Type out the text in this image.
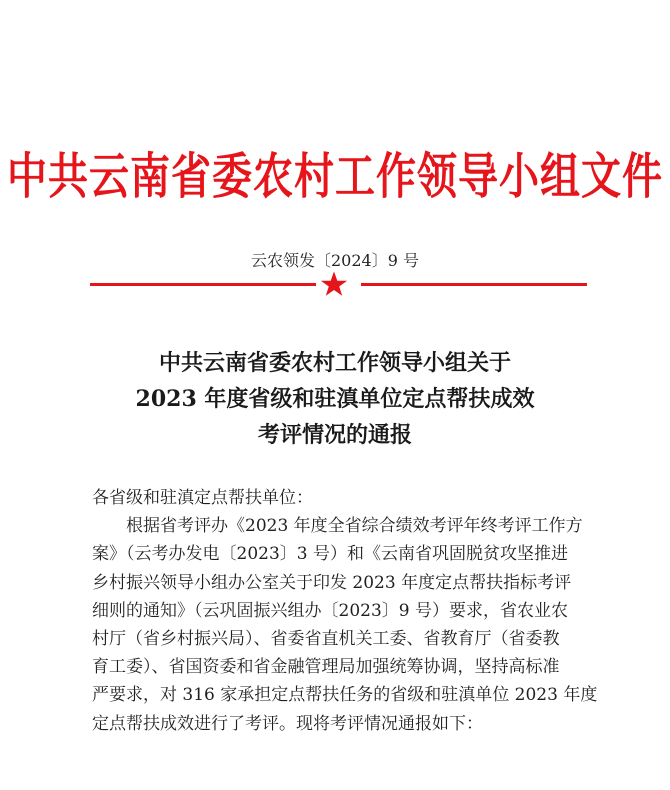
中共云南省委农村工作领导小组文件
云农领发〔2024〕9 号
中共云南省委农村工作领导小组关于
2023 年度省级和驻滇单位定点帮扶成效
考评情况的通报
各省级和驻滇定点帮扶单位：
根据省考评办《2023 年度全省综合绩效考评年终考评工作方
案》（云考办发电〔2023〕3 号）和《云南省巩固脱贫攻坚推进
乡村振兴领导小组办公室关于印发 2023 年度定点帮扶指标考评
细则的通知》（云巩固振兴组办〔2023〕9 号）要求，省农业农
村厅（省乡村振兴局）、省委省直机关工委、省教育厅（省委教
育工委）、省国资委和省金融管理局加强统筹协调，坚持高标准
严要求，对 316 家承担定点帮扶任务的省级和驻滇单位 2023 年度
定点帮扶成效进行了考评。现将考评情况通报如下：
